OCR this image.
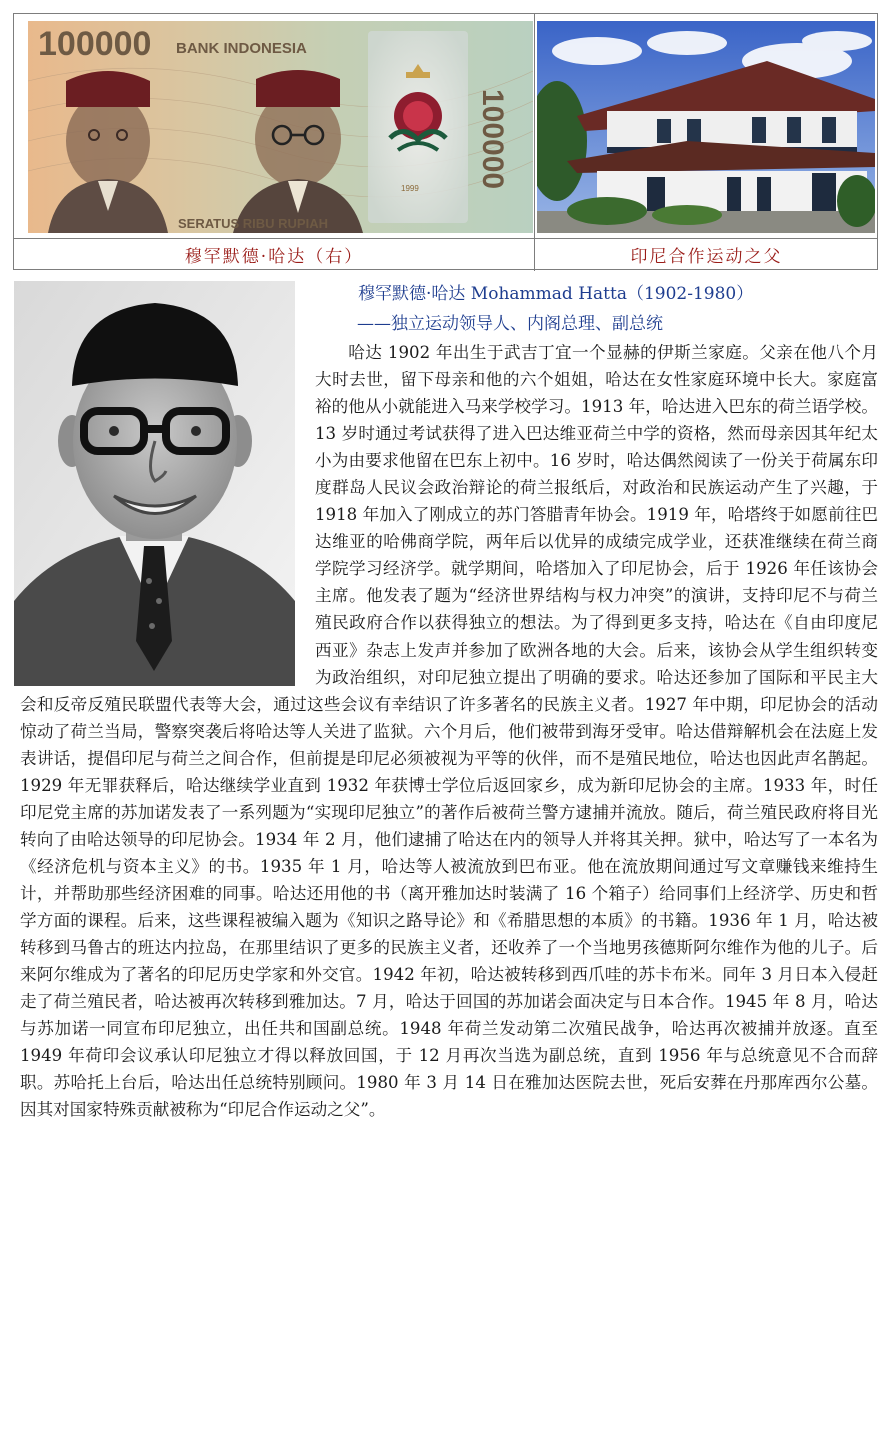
100000 BANK INDONESIA
100000
1999
SERATUS RIBU RUPIAH
穆罕默德·哈达（右）	印尼合作运动之父
穆罕默德·哈达 Mohammad Hatta（1902-1980）
——独立运动领导人、内阁总理、副总统

哈达 1902 年出生于武吉丁宜一个显赫的伊斯兰家庭。父亲在他八个月大时去世，留下母亲和他的六个姐姐，哈达在女性家庭环境中长大。家庭富裕的他从小就能进入马来学校学习。1913 年，哈达进入巴东的荷兰语学校。13 岁时通过考试获得了进入巴达维亚荷兰中学的资格，然而母亲因其年纪太小为由要求他留在巴东上初中。16 岁时，哈达偶然阅读了一份关于荷属东印度群岛人民议会政治辩论的荷兰报纸后，对政治和民族运动产生了兴趣，于 1918 年加入了刚成立的苏门答腊青年协会。1919 年，哈塔终于如愿前往巴达维亚的哈佛商学院，两年后以优异的成绩完成学业，还获准继续在荷兰商学院学习经济学。就学期间，哈塔加入了印尼协会，后于 1926 年任该协会主席。他发表了题为“经济世界结构与权力冲突”的演讲，支持印尼不与荷兰殖民政府合作以获得独立的想法。为了得到更多支持，哈达在《自由印度尼西亚》杂志上发声并参加了欧洲各地的大会。后来，该协会从学生组织转变为政治组织，对印尼独立提出了明确的要求。哈达还参加了国际和平民主大会和反帝反殖民联盟代表等大会，通过这些会议有幸结识了许多著名的民族主义者。1927 年中期，印尼协会的活动惊动了荷兰当局，警察突袭后将哈达等人关进了监狱。六个月后，他们被带到海牙受审。哈达借辩解机会在法庭上发表讲话，提倡印尼与荷兰之间合作，但前提是印尼必须被视为平等的伙伴，而不是殖民地位，哈达也因此声名鹊起。1929 年无罪获释后，哈达继续学业直到 1932 年获博士学位后返回家乡，成为新印尼协会的主席。1933 年，时任印尼党主席的苏加诺发表了一系列题为“实现印尼独立”的著作后被荷兰警方逮捕并流放。随后，荷兰殖民政府将目光转向了由哈达领导的印尼协会。1934 年 2 月，他们逮捕了哈达在内的领导人并将其关押。狱中，哈达写了一本名为《经济危机与资本主义》的书。1935 年 1 月，哈达等人被流放到巴布亚。他在流放期间通过写文章赚钱来维持生计，并帮助那些经济困难的同事。哈达还用他的书（离开雅加达时装满了 16 个箱子）给同事们上经济学、历史和哲学方面的课程。后来，这些课程被编入题为《知识之路导论》和《希腊思想的本质》的书籍。1936 年 1 月，哈达被转移到马鲁古的班达内拉岛，在那里结识了更多的民族主义者，还收养了一个当地男孩德斯阿尔维作为他的儿子。后来阿尔维成为了著名的印尼历史学家和外交官。1942 年初，哈达被转移到西爪哇的苏卡布米。同年 3 月日本入侵赶走了荷兰殖民者，哈达被再次转移到雅加达。7 月，哈达于回国的苏加诺会面决定与日本合作。1945 年 8 月，哈达与苏加诺一同宣布印尼独立，出任共和国副总统。1948 年荷兰发动第二次殖民战争，哈达再次被捕并放逐。直至 1949 年荷印会议承认印尼独立才得以释放回国，于 12 月再次当选为副总统，直到 1956 年与总统意见不合而辞职。苏哈托上台后，哈达出任总统特别顾问。1980 年 3 月 14 日在雅加达医院去世，死后安葬在丹那库西尔公墓。因其对国家特殊贡献被称为“印尼合作运动之父”。
